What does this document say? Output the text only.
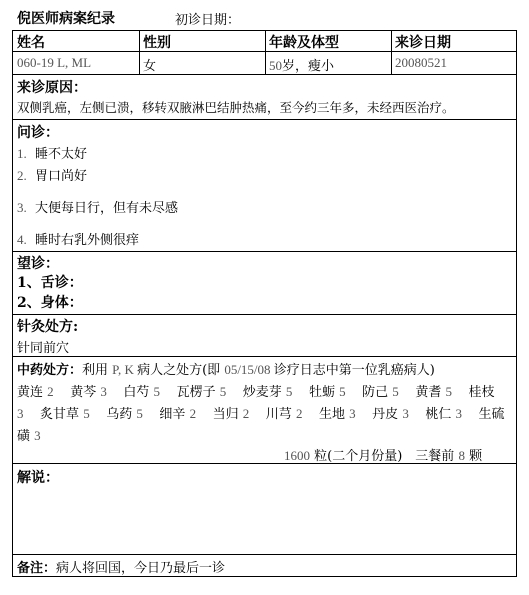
倪医师病案纪录	初诊日期：
姓名	性别	年龄及体型	来诊日期
060-19 L, ML	女	50岁，瘦小	20080521
来诊原因：
双侧乳癌，左侧已溃，移转双腋淋巴结肿热痛，至今约三年多，未经西医治疗。
问诊：
1. 睡不太好
2. 胃口尚好
3. 大便每日行，但有未尽感
4. 睡时右乳外侧很痒
望诊：
1、舌诊：
2、身体：
针灸处方:
针同前穴
中药处方：利用 P, K 病人之处方(即 05/15/08 诊疗日志中第一位乳癌病人)
黄连 2 黄芩 3 白芍 5 瓦楞子 5 炒麦芽 5 牡蛎 5 防己 5 黄耆 5 桂枝
3 炙甘草 5 乌药 5 细辛 2 当归 2 川芎 2 生地 3 丹皮 3 桃仁 3 生硫
磺 3
1600 粒(二个月份量)　三餐前 8 颗
解说：
备注：病人将回国，今日乃最后一诊
